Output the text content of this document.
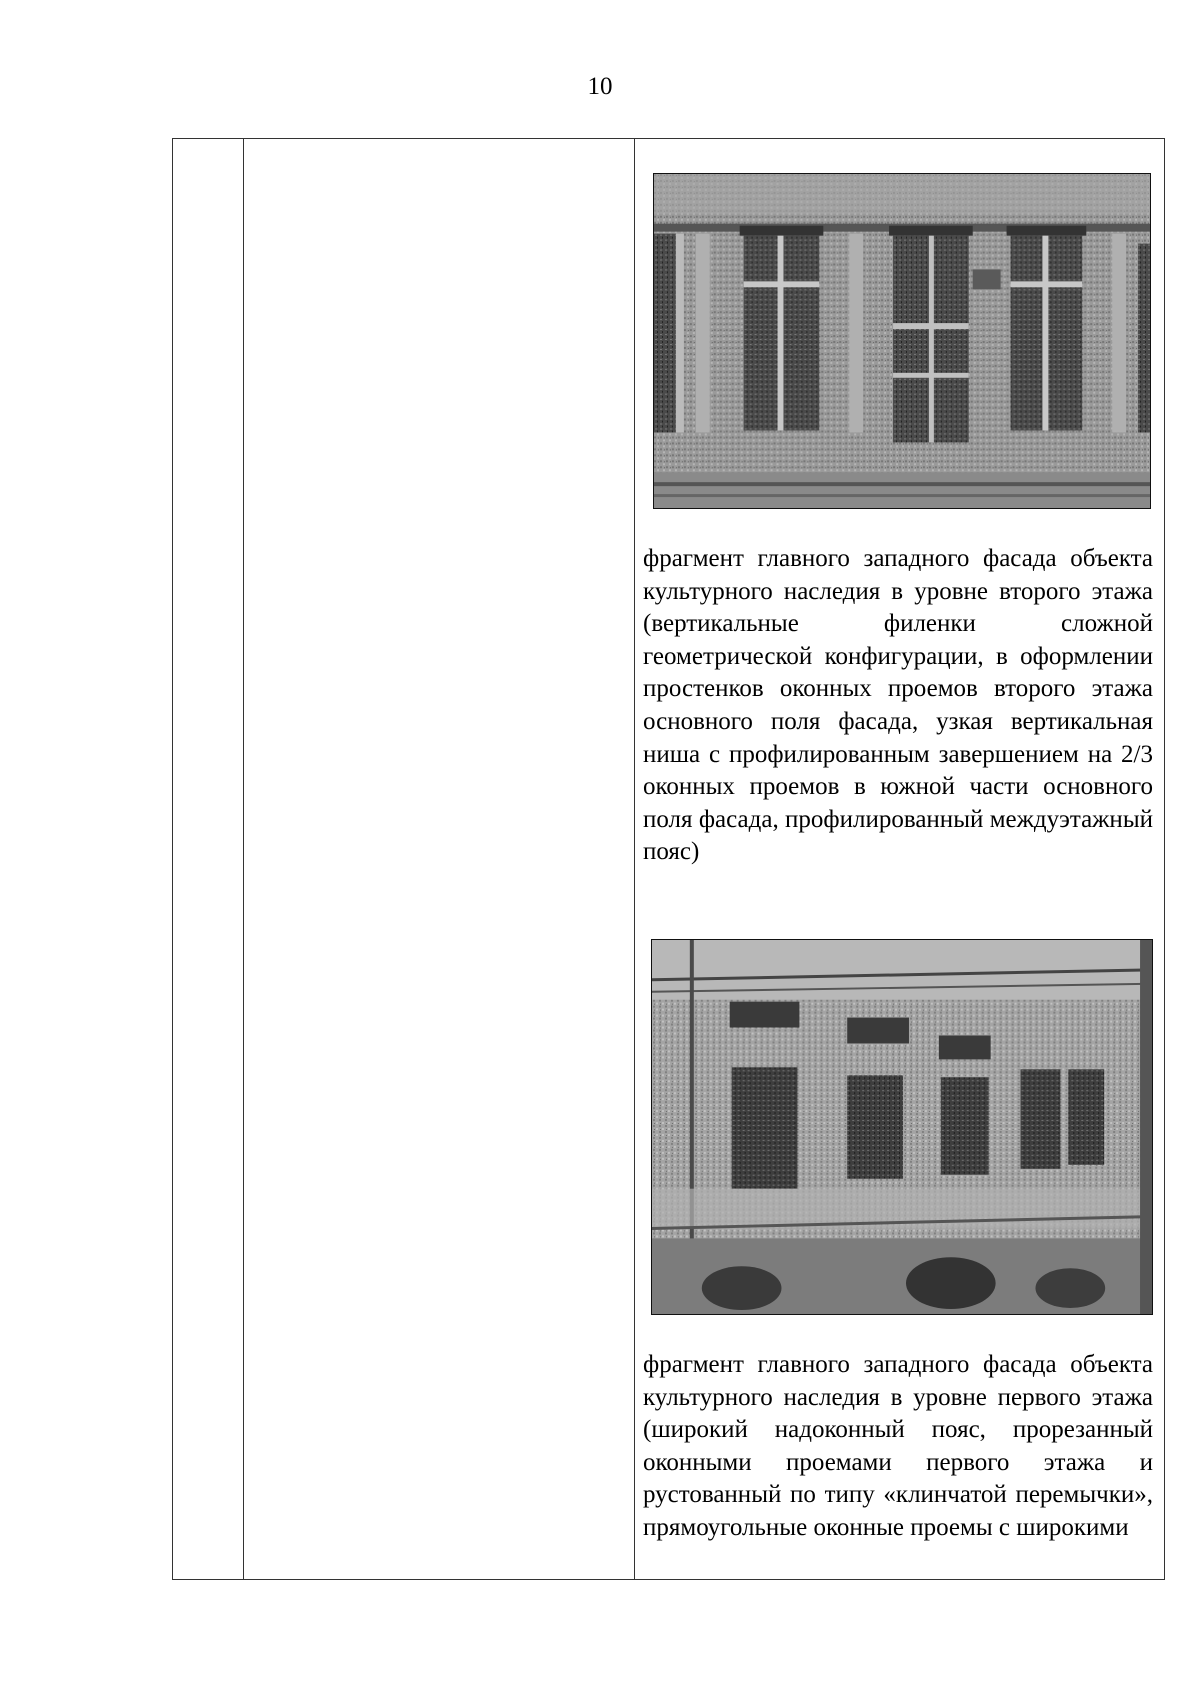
10

фрагмент главного западного фасада объекта культурного наследия в уровне второго этажа (вертикальные филенки сложной геометрической конфигурации, в оформлении простенков оконных проемов второго этажа основного поля фасада, узкая вертикальная ниша с профилированным завершением на 2/3 оконных проемов в южной части основного поля фасада, профилированный междуэтажный пояс)

фрагмент главного западного фасада объекта культурного наследия в уровне первого этажа (широкий надоконный пояс, прорезанный оконными проемами первого этажа и рустованный по типу «клинчатой перемычки», прямоугольные оконные проемы с широкими
